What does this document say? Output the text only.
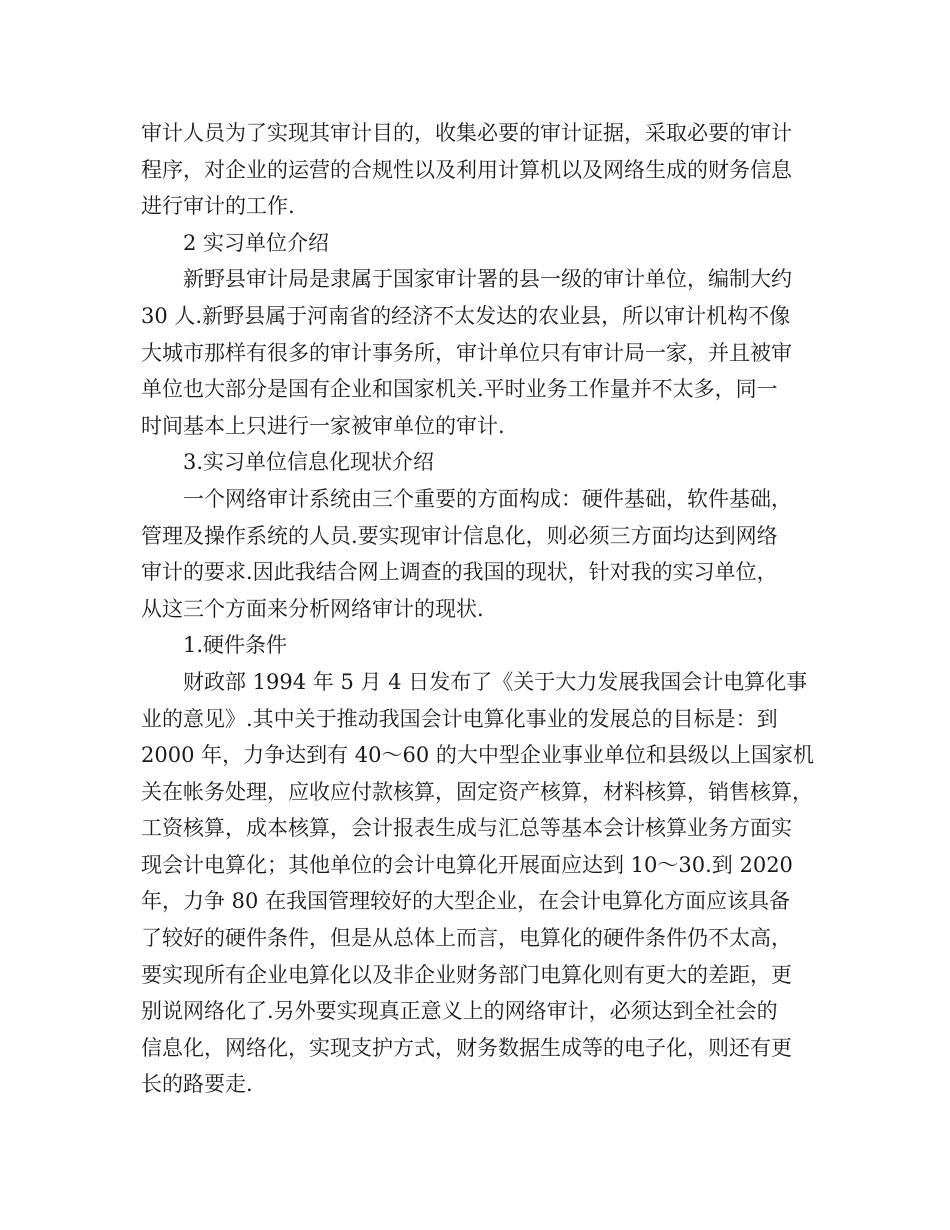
审计人员为了实现其审计目的，收集必要的审计证据，采取必要的审计
程序，对企业的运营的合规性以及利用计算机以及网络生成的财务信息
进行审计的工作.
2 实习单位介绍
新野县审计局是隶属于国家审计署的县一级的审计单位，编制大约
30 人.新野县属于河南省的经济不太发达的农业县，所以审计机构不像
大城市那样有很多的审计事务所，审计单位只有审计局一家，并且被审
单位也大部分是国有企业和国家机关.平时业务工作量并不太多，同一
时间基本上只进行一家被审单位的审计.
3.实习单位信息化现状介绍
一个网络审计系统由三个重要的方面构成：硬件基础，软件基础，
管理及操作系统的人员.要实现审计信息化，则必须三方面均达到网络
审计的要求.因此我结合网上调查的我国的现状，针对我的实习单位，
从这三个方面来分析网络审计的现状.
1.硬件条件
财政部 1994 年 5 月 4 日发布了《关于大力发展我国会计电算化事
业的意见》.其中关于推动我国会计电算化事业的发展总的目标是：到
2000 年，力争达到有 40～60 的大中型企业事业单位和县级以上国家机
关在帐务处理，应收应付款核算，固定资产核算，材料核算，销售核算，
工资核算，成本核算，会计报表生成与汇总等基本会计核算业务方面实
现会计电算化；其他单位的会计电算化开展面应达到 10～30.到 2020
年，力争 80 在我国管理较好的大型企业，在会计电算化方面应该具备
了较好的硬件条件，但是从总体上而言，电算化的硬件条件仍不太高，
要实现所有企业电算化以及非企业财务部门电算化则有更大的差距，更
别说网络化了.另外要实现真正意义上的网络审计，必须达到全社会的
信息化，网络化，实现支护方式，财务数据生成等的电子化，则还有更
长的路要走.
